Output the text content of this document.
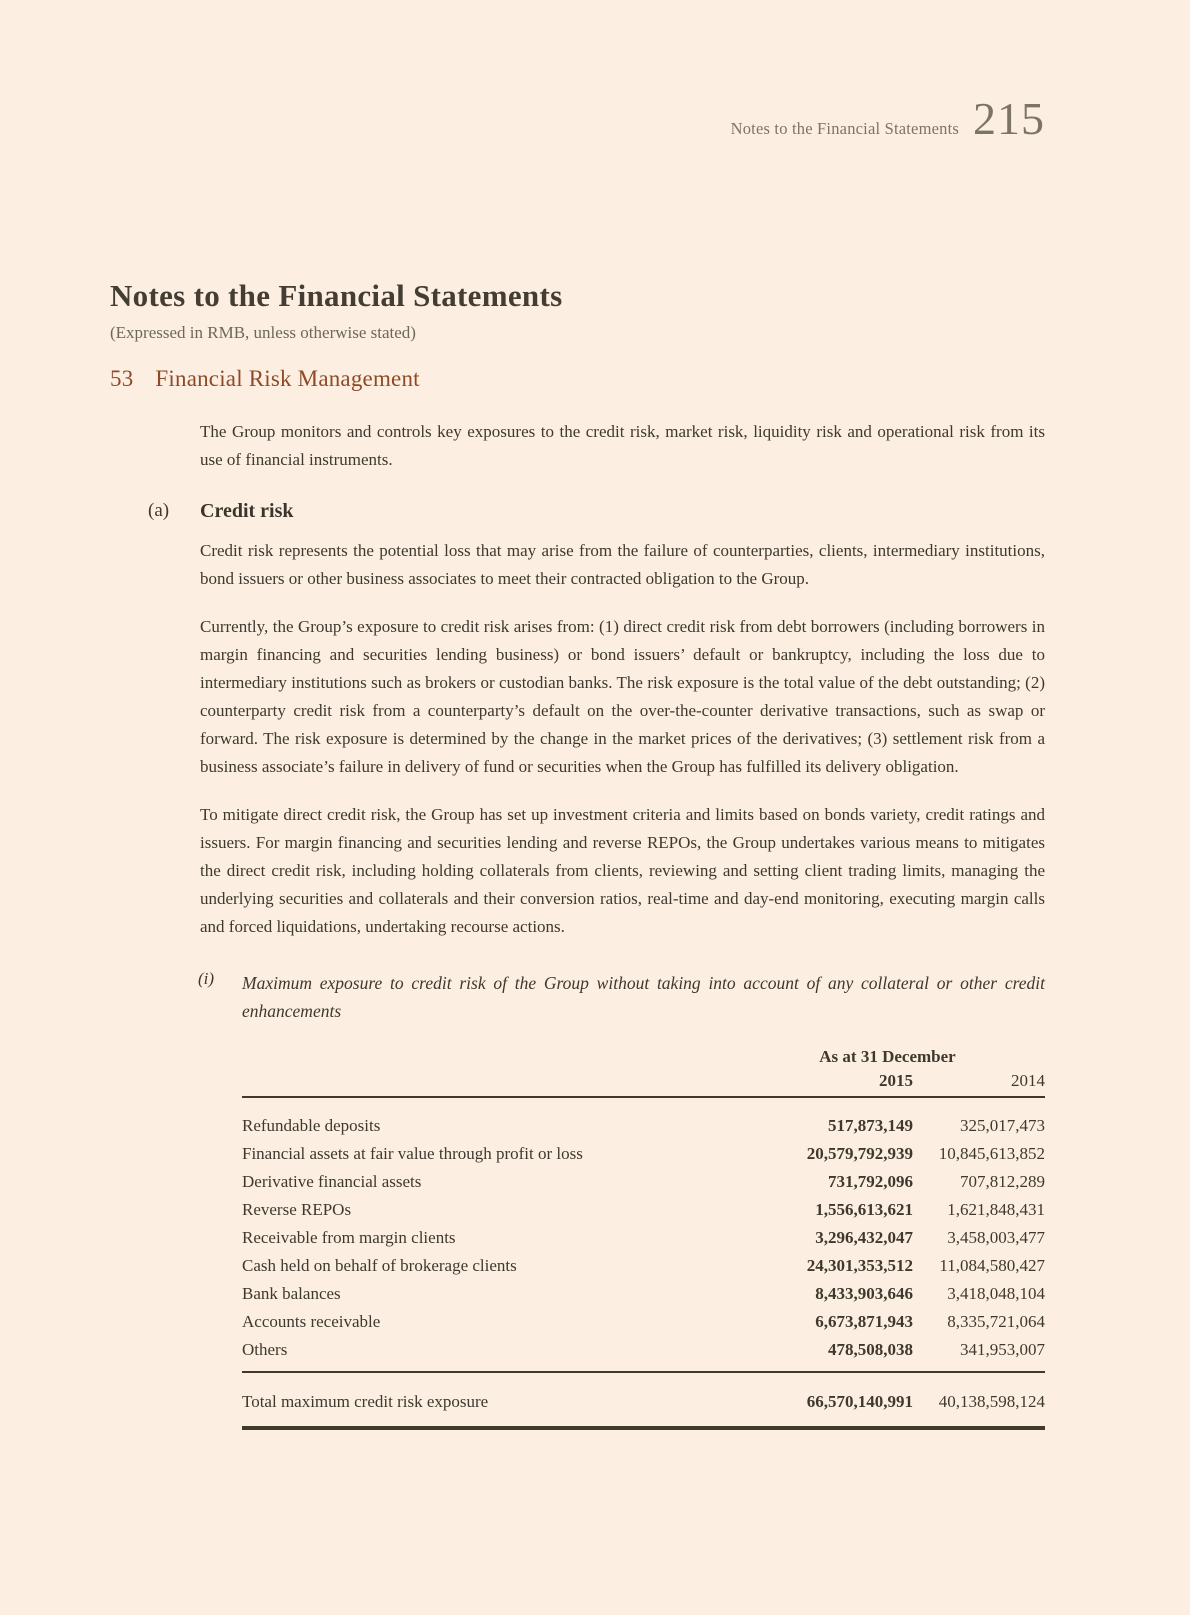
Notes to the Financial Statements 215
Notes to the Financial Statements

(Expressed in RMB, unless otherwise stated)

53 Financial Risk Management

The Group monitors and controls key exposures to the credit risk, market risk, liquidity risk and operational risk from its use of financial instruments.

(a) Credit risk

Credit risk represents the potential loss that may arise from the failure of counterparties, clients, intermediary institutions, bond issuers or other business associates to meet their contracted obligation to the Group.

Currently, the Group’s exposure to credit risk arises from: (1) direct credit risk from debt borrowers (including borrowers in margin financing and securities lending business) or bond issuers’ default or bankruptcy, including the loss due to intermediary institutions such as brokers or custodian banks. The risk exposure is the total value of the debt outstanding; (2) counterparty credit risk from a counterparty’s default on the over-the-counter derivative transactions, such as swap or forward. The risk exposure is determined by the change in the market prices of the derivatives; (3) settlement risk from a business associate’s failure in delivery of fund or securities when the Group has fulfilled its delivery obligation.

To mitigate direct credit risk, the Group has set up investment criteria and limits based on bonds variety, credit ratings and issuers. For margin financing and securities lending and reverse REPOs, the Group undertakes various means to mitigates the direct credit risk, including holding collaterals from clients, reviewing and setting client trading limits, managing the underlying securities and collaterals and their conversion ratios, real-time and day-end monitoring, executing margin calls and forced liquidations, undertaking recourse actions.

(i) Maximum exposure to credit risk of the Group without taking into account of any collateral or other credit enhancements

As at 31 December
2015	2014
Refundable deposits	517,873,149	325,017,473
Financial assets at fair value through profit or loss	20,579,792,939	10,845,613,852
Derivative financial assets	731,792,096	707,812,289
Reverse REPOs	1,556,613,621	1,621,848,431
Receivable from margin clients	3,296,432,047	3,458,003,477
Cash held on behalf of brokerage clients	24,301,353,512	11,084,580,427
Bank balances	8,433,903,646	3,418,048,104
Accounts receivable	6,673,871,943	8,335,721,064
Others	478,508,038	341,953,007
Total maximum credit risk exposure	66,570,140,991	40,138,598,124
